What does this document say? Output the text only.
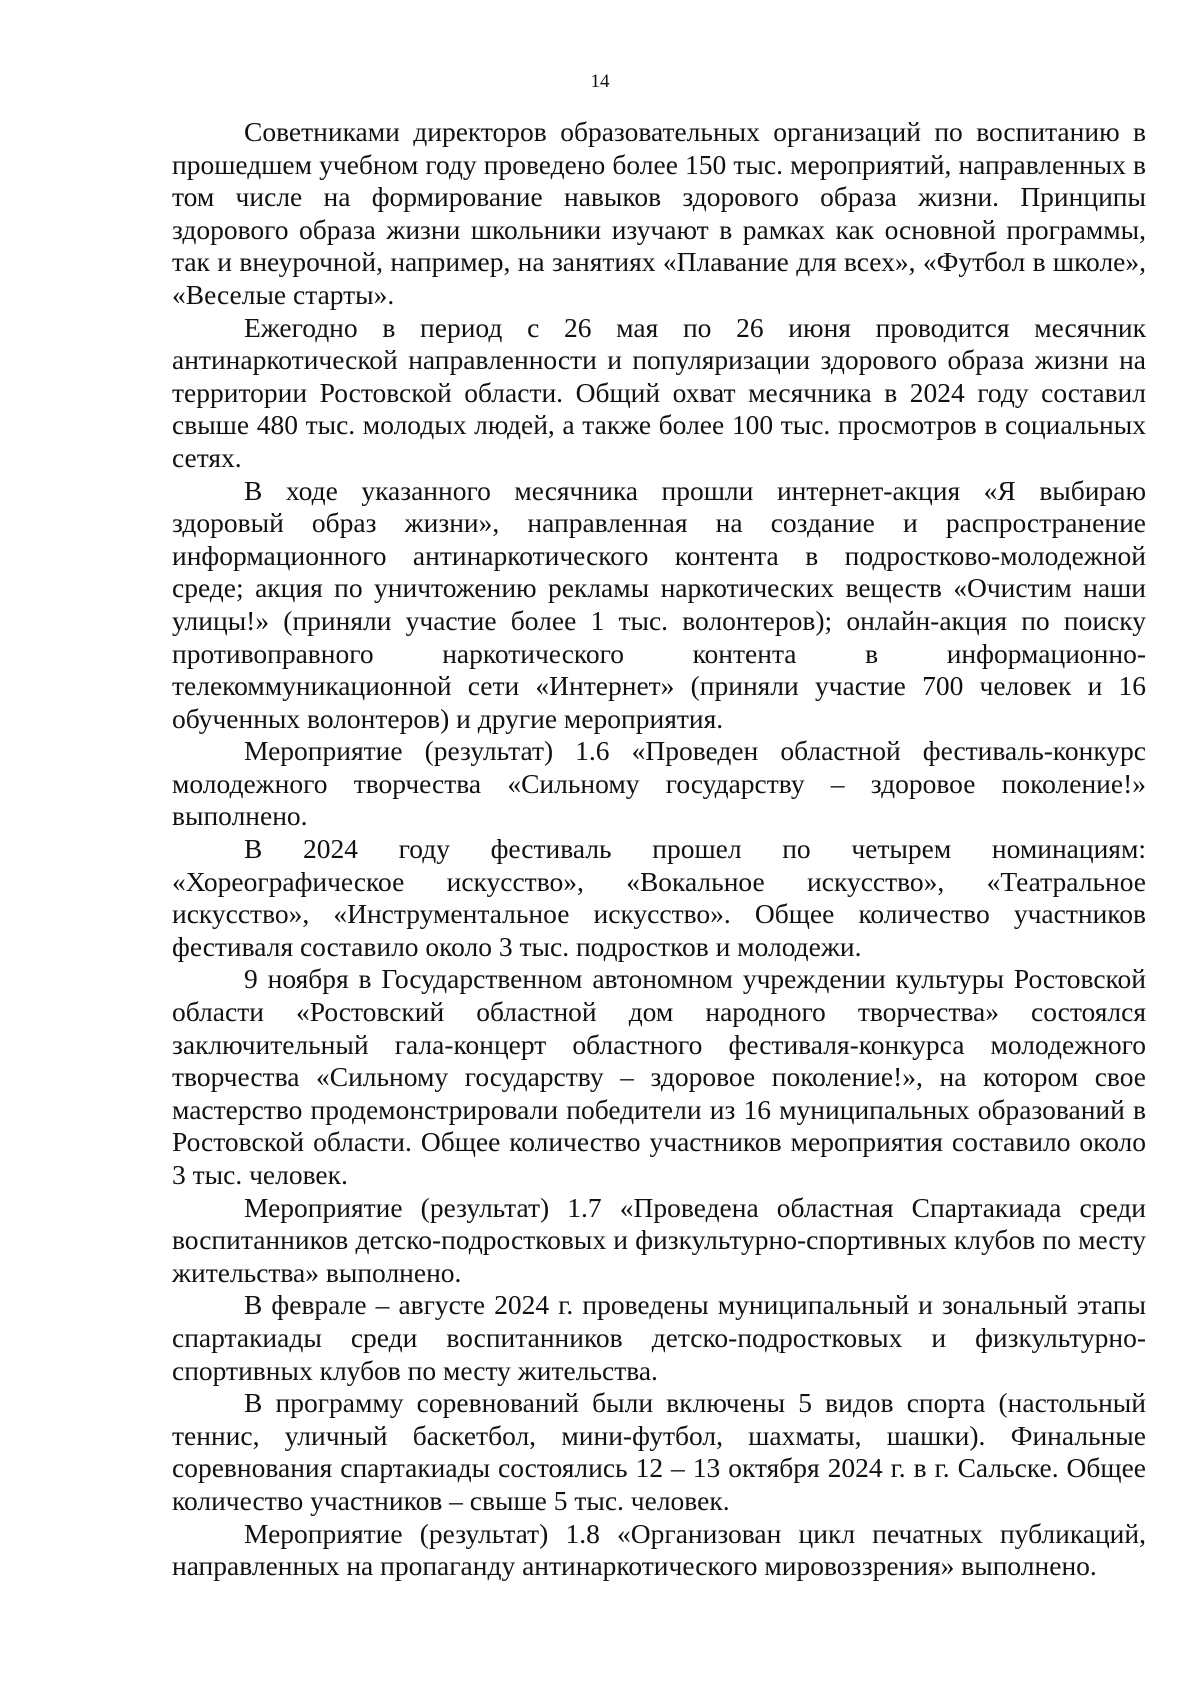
14

Советниками директоров образовательных организаций по воспитанию в прошедшем учебном году проведено более 150 тыс. мероприятий, направленных в том числе на формирование навыков здорового образа жизни. Принципы здорового образа жизни школьники изучают в рамках как основной программы, так и внеурочной, например, на занятиях «Плавание для всех», «Футбол в школе», «Веселые старты».

Ежегодно в период с 26 мая по 26 июня проводится месячник антинаркотической направленности и популяризации здорового образа жизни на территории Ростовской области. Общий охват месячника в 2024 году составил свыше 480 тыс. молодых людей, а также более 100 тыс. просмотров в социальных сетях.

В ходе указанного месячника прошли интернет-акция «Я выбираю здоровый образ жизни», направленная на создание и распространение информационного антинаркотического контента в подростково-молодежной среде; акция по уничтожению рекламы наркотических веществ «Очистим наши улицы!» (приняли участие более 1 тыс. волонтеров); онлайн-акция по поиску противоправного наркотического контента в информационно-телекоммуникационной сети «Интернет» (приняли участие 700 человек и 16 обученных волонтеров) и другие мероприятия.

Мероприятие (результат) 1.6 «Проведен областной фестиваль-конкурс молодежного творчества «Сильному государству – здоровое поколение!» выполнено.

В 2024 году фестиваль прошел по четырем номинациям: «Хореографическое искусство», «Вокальное искусство», «Театральное искусство», «Инструментальное искусство». Общее количество участников фестиваля составило около 3 тыс. подростков и молодежи.

9 ноября в Государственном автономном учреждении культуры Ростовской области «Ростовский областной дом народного творчества» состоялся заключительный гала-концерт областного фестиваля-конкурса молодежного творчества «Сильному государству – здоровое поколение!», на котором свое мастерство продемонстрировали победители из 16 муниципальных образований в Ростовской области. Общее количество участников мероприятия составило около 3 тыс. человек.

Мероприятие (результат) 1.7 «Проведена областная Спартакиада среди воспитанников детско-подростковых и физкультурно-спортивных клубов по месту жительства» выполнено.

В феврале – августе 2024 г. проведены муниципальный и зональный этапы спартакиады среди воспитанников детско-подростковых и физкультурно-спортивных клубов по месту жительства.

В программу соревнований были включены 5 видов спорта (настольный теннис, уличный баскетбол, мини-футбол, шахматы, шашки). Финальные соревнования спартакиады состоялись 12 – 13 октября 2024 г. в г. Сальске. Общее количество участников – свыше 5 тыс. человек.

Мероприятие (результат) 1.8 «Организован цикл печатных публикаций, направленных на пропаганду антинаркотического мировоззрения» выполнено.
